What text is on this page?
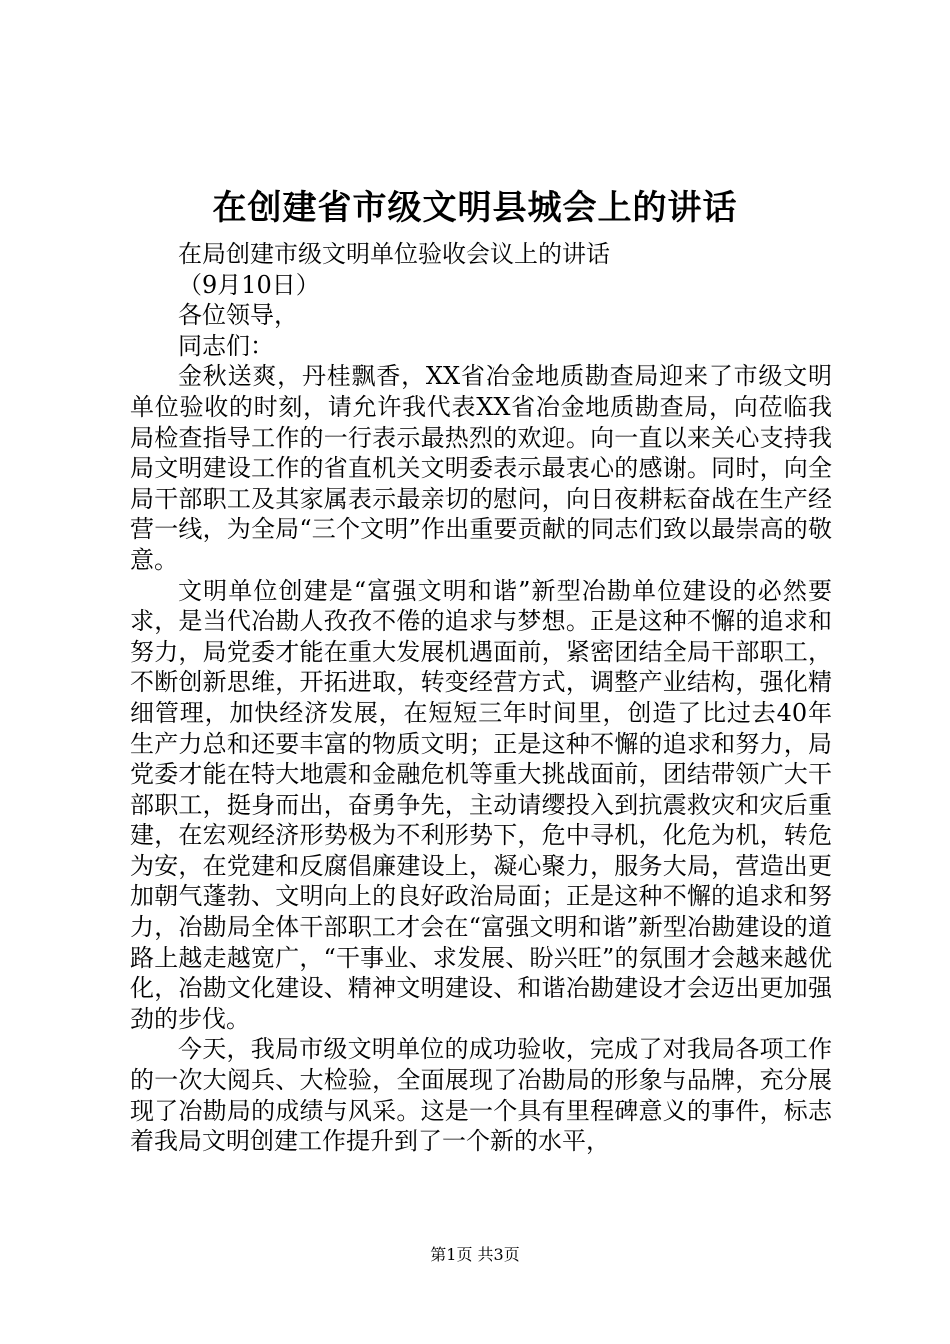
在创建省市级文明县城会上的讲话

在局创建市级文明单位验收会议上的讲话

（9月10日）

各位领导，

同志们：

金秋送爽，丹桂飘香，XX省冶金地质勘查局迎来了市级文明单位验收的时刻，请允许我代表XX省冶金地质勘查局，向莅临我局检查指导工作的一行表示最热烈的欢迎。向一直以来关心支持我局文明建设工作的省直机关文明委表示最衷心的感谢。同时，向全局干部职工及其家属表示最亲切的慰问，向日夜耕耘奋战在生产经营一线，为全局“三个文明”作出重要贡献的同志们致以最崇高的敬意。

文明单位创建是“富强文明和谐”新型冶勘单位建设的必然要求，是当代冶勘人孜孜不倦的追求与梦想。正是这种不懈的追求和努力，局党委才能在重大发展机遇面前，紧密团结全局干部职工，不断创新思维，开拓进取，转变经营方式，调整产业结构，强化精细管理，加快经济发展，在短短三年时间里，创造了比过去40年生产力总和还要丰富的物质文明；正是这种不懈的追求和努力，局党委才能在特大地震和金融危机等重大挑战面前，团结带领广大干部职工，挺身而出，奋勇争先，主动请缨投入到抗震救灾和灾后重建，在宏观经济形势极为不利形势下，危中寻机，化危为机，转危为安，在党建和反腐倡廉建设上，凝心聚力，服务大局，营造出更加朝气蓬勃、文明向上的良好政治局面；正是这种不懈的追求和努力，冶勘局全体干部职工才会在“富强文明和谐”新型冶勘建设的道路上越走越宽广，“干事业、求发展、盼兴旺”的氛围才会越来越优化，冶勘文化建设、精神文明建设、和谐冶勘建设才会迈出更加强劲的步伐。

今天，我局市级文明单位的成功验收，完成了对我局各项工作的一次大阅兵、大检验，全面展现了冶勘局的形象与品牌，充分展现了冶勘局的成绩与风采。这是一个具有里程碑意义的事件，标志着我局文明创建工作提升到了一个新的水平，

第1页 共3页
